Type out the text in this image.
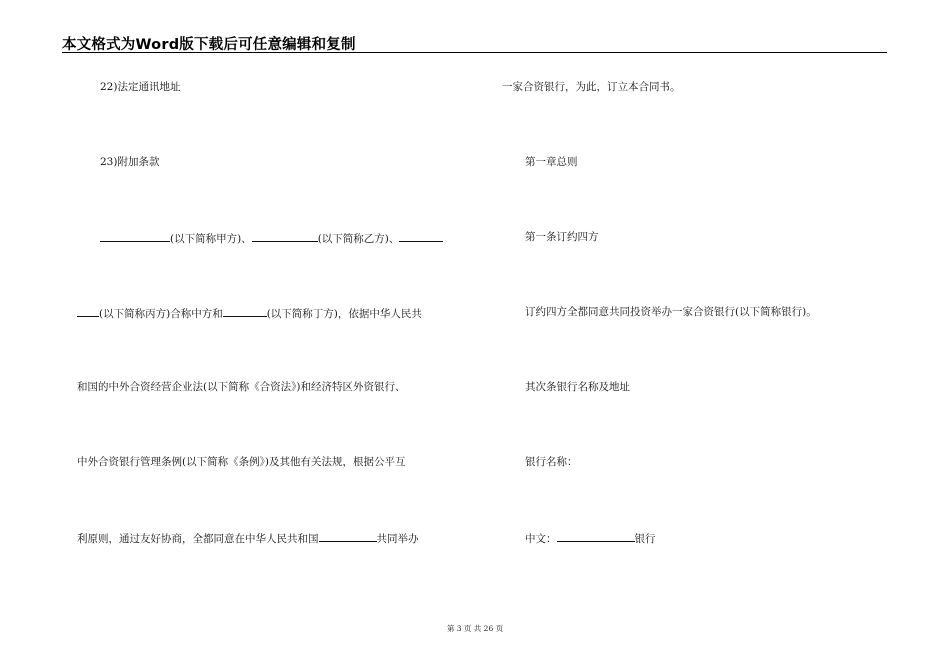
本文格式为Word版下载后可任意编辑和复制
22)法定通讯地址
23)附加条款
(以下简称甲方)、	(以下简称乙方)、
(以下简称丙方)合称中方和	(以下简称丁方)，依据中华人民共
和国的中外合资经营企业法(以下简称《合资法》)和经济特区外资银行、
中外合资银行管理条例(以下简称《条例》)及其他有关法规，根据公平互
利原则，通过友好协商，全都同意在中华人民共和国	共同举办
一家合资银行，为此，订立本合同书。
第一章总则
第一条订约四方
订约四方全都同意共同投资举办一家合资银行(以下简称银行)。
其次条银行名称及地址
银行名称：
中文：	银行
第 3 页 共 26 页
